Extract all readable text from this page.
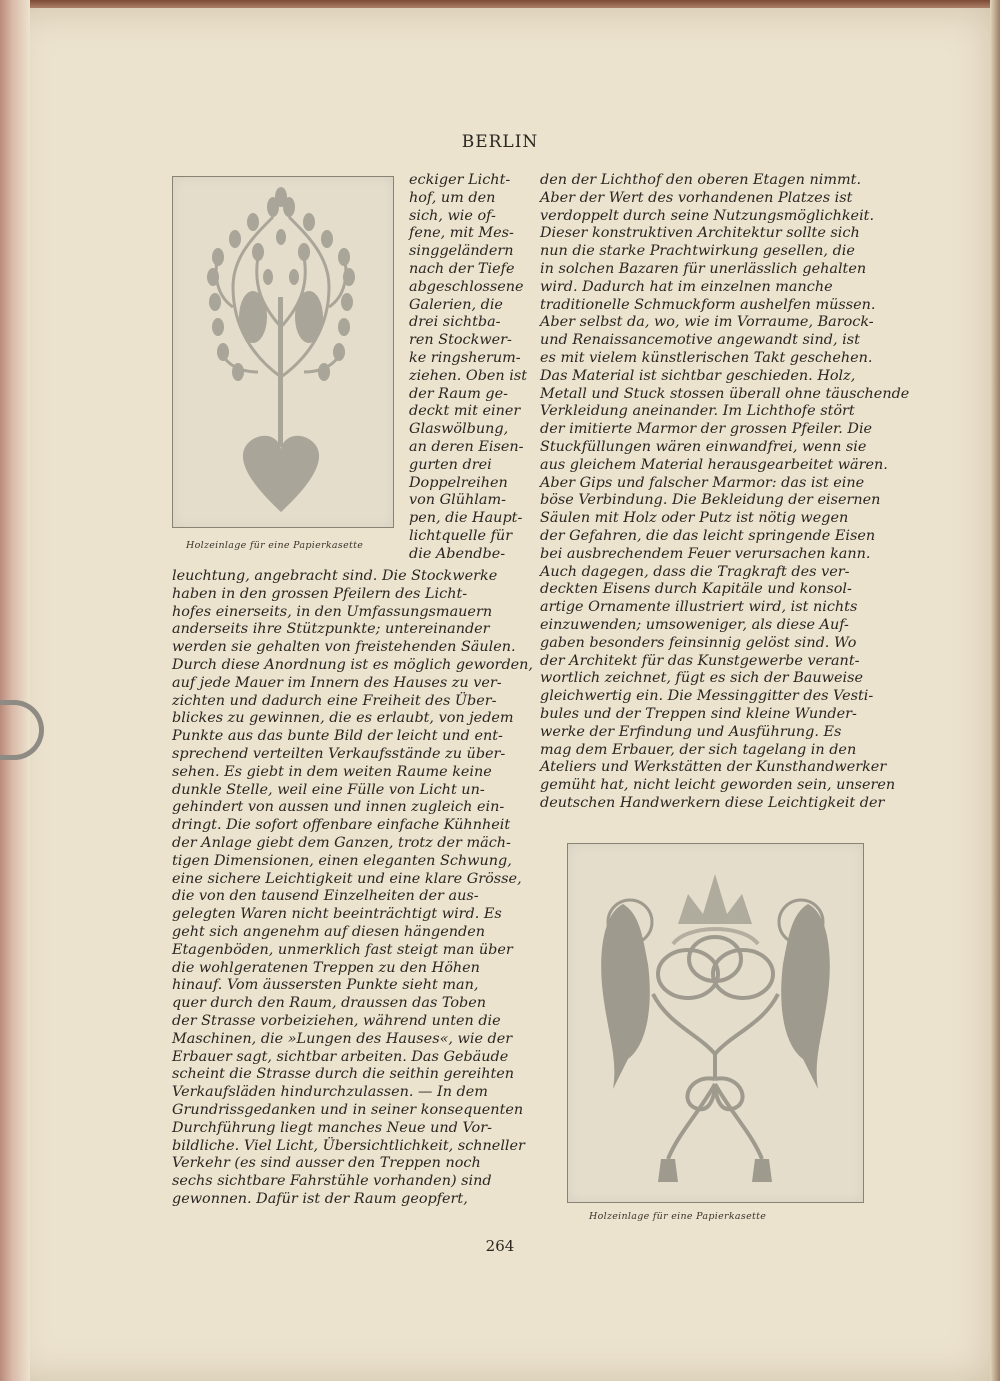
BERLIN
Holzeinlage für eine Papierkasette
eckiger Licht-
hof, um den
sich, wie of-
fene, mit Mes-
singgeländern
nach der Tiefe
abgeschlossene
Galerien, die
drei sichtba-
ren Stockwer-
ke ringsherum-
ziehen. Oben ist
der Raum ge-
deckt mit einer
Glaswölbung,
an deren Eisen-
gurten drei
Doppelreihen
von Glühlam-
pen, die Haupt-
lichtquelle für
die Abendbe-
leuchtung, angebracht sind. Die Stockwerke
haben in den grossen Pfeilern des Licht-
hofes einerseits, in den Umfassungsmauern
anderseits ihre Stützpunkte; untereinander
werden sie gehalten von freistehenden Säulen.
Durch diese Anordnung ist es möglich geworden,
auf jede Mauer im Innern des Hauses zu ver-
zichten und dadurch eine Freiheit des Über-
blickes zu gewinnen, die es erlaubt, von jedem
Punkte aus das bunte Bild der leicht und ent-
sprechend verteilten Verkaufsstände zu über-
sehen. Es giebt in dem weiten Raume keine
dunkle Stelle, weil eine Fülle von Licht un-
gehindert von aussen und innen zugleich ein-
dringt. Die sofort offenbare einfache Kühnheit
der Anlage giebt dem Ganzen, trotz der mäch-
tigen Dimensionen, einen eleganten Schwung,
eine sichere Leichtigkeit und eine klare Grösse,
die von den tausend Einzelheiten der aus-
gelegten Waren nicht beeinträchtigt wird. Es
geht sich angenehm auf diesen hängenden
Etagenböden, unmerklich fast steigt man über
die wohlgeratenen Treppen zu den Höhen
hinauf. Vom äussersten Punkte sieht man,
quer durch den Raum, draussen das Toben
der Strasse vorbeiziehen, während unten die
Maschinen, die »Lungen des Hauses«, wie der
Erbauer sagt, sichtbar arbeiten. Das Gebäude
scheint die Strasse durch die seithin gereihten
Verkaufsläden hindurchzulassen. — In dem
Grundrissgedanken und in seiner konsequenten
Durchführung liegt manches Neue und Vor-
bildliche. Viel Licht, Übersichtlichkeit, schneller
Verkehr (es sind ausser den Treppen noch
sechs sichtbare Fahrstühle vorhanden) sind
gewonnen. Dafür ist der Raum geopfert,
den der Lichthof den oberen Etagen nimmt.
Aber der Wert des vorhandenen Platzes ist
verdoppelt durch seine Nutzungsmöglichkeit.
Dieser konstruktiven Architektur sollte sich
nun die starke Prachtwirkung gesellen, die
in solchen Bazaren für unerlässlich gehalten
wird. Dadurch hat im einzelnen manche
traditionelle Schmuckform aushelfen müssen.
Aber selbst da, wo, wie im Vorraume, Barock-
und Renaissancemotive angewandt sind, ist
es mit vielem künstlerischen Takt geschehen.
Das Material ist sichtbar geschieden. Holz,
Metall und Stuck stossen überall ohne täuschende
Verkleidung aneinander. Im Lichthofe stört
der imitierte Marmor der grossen Pfeiler. Die
Stuckfüllungen wären einwandfrei, wenn sie
aus gleichem Material herausgearbeitet wären.
Aber Gips und falscher Marmor: das ist eine
böse Verbindung. Die Bekleidung der eisernen
Säulen mit Holz oder Putz ist nötig wegen
der Gefahren, die das leicht springende Eisen
bei ausbrechendem Feuer verursachen kann.
Auch dagegen, dass die Tragkraft des ver-
deckten Eisens durch Kapitäle und konsol-
artige Ornamente illustriert wird, ist nichts
einzuwenden; umsoweniger, als diese Auf-
gaben besonders feinsinnig gelöst sind. Wo
der Architekt für das Kunstgewerbe verant-
wortlich zeichnet, fügt es sich der Bauweise
gleichwertig ein. Die Messinggitter des Vesti-
bules und der Treppen sind kleine Wunder-
werke der Erfindung und Ausführung. Es
mag dem Erbauer, der sich tagelang in den
Ateliers und Werkstätten der Kunsthandwerker
gemüht hat, nicht leicht geworden sein, unseren
deutschen Handwerkern diese Leichtigkeit der
Holzeinlage für eine Papierkasette
264
